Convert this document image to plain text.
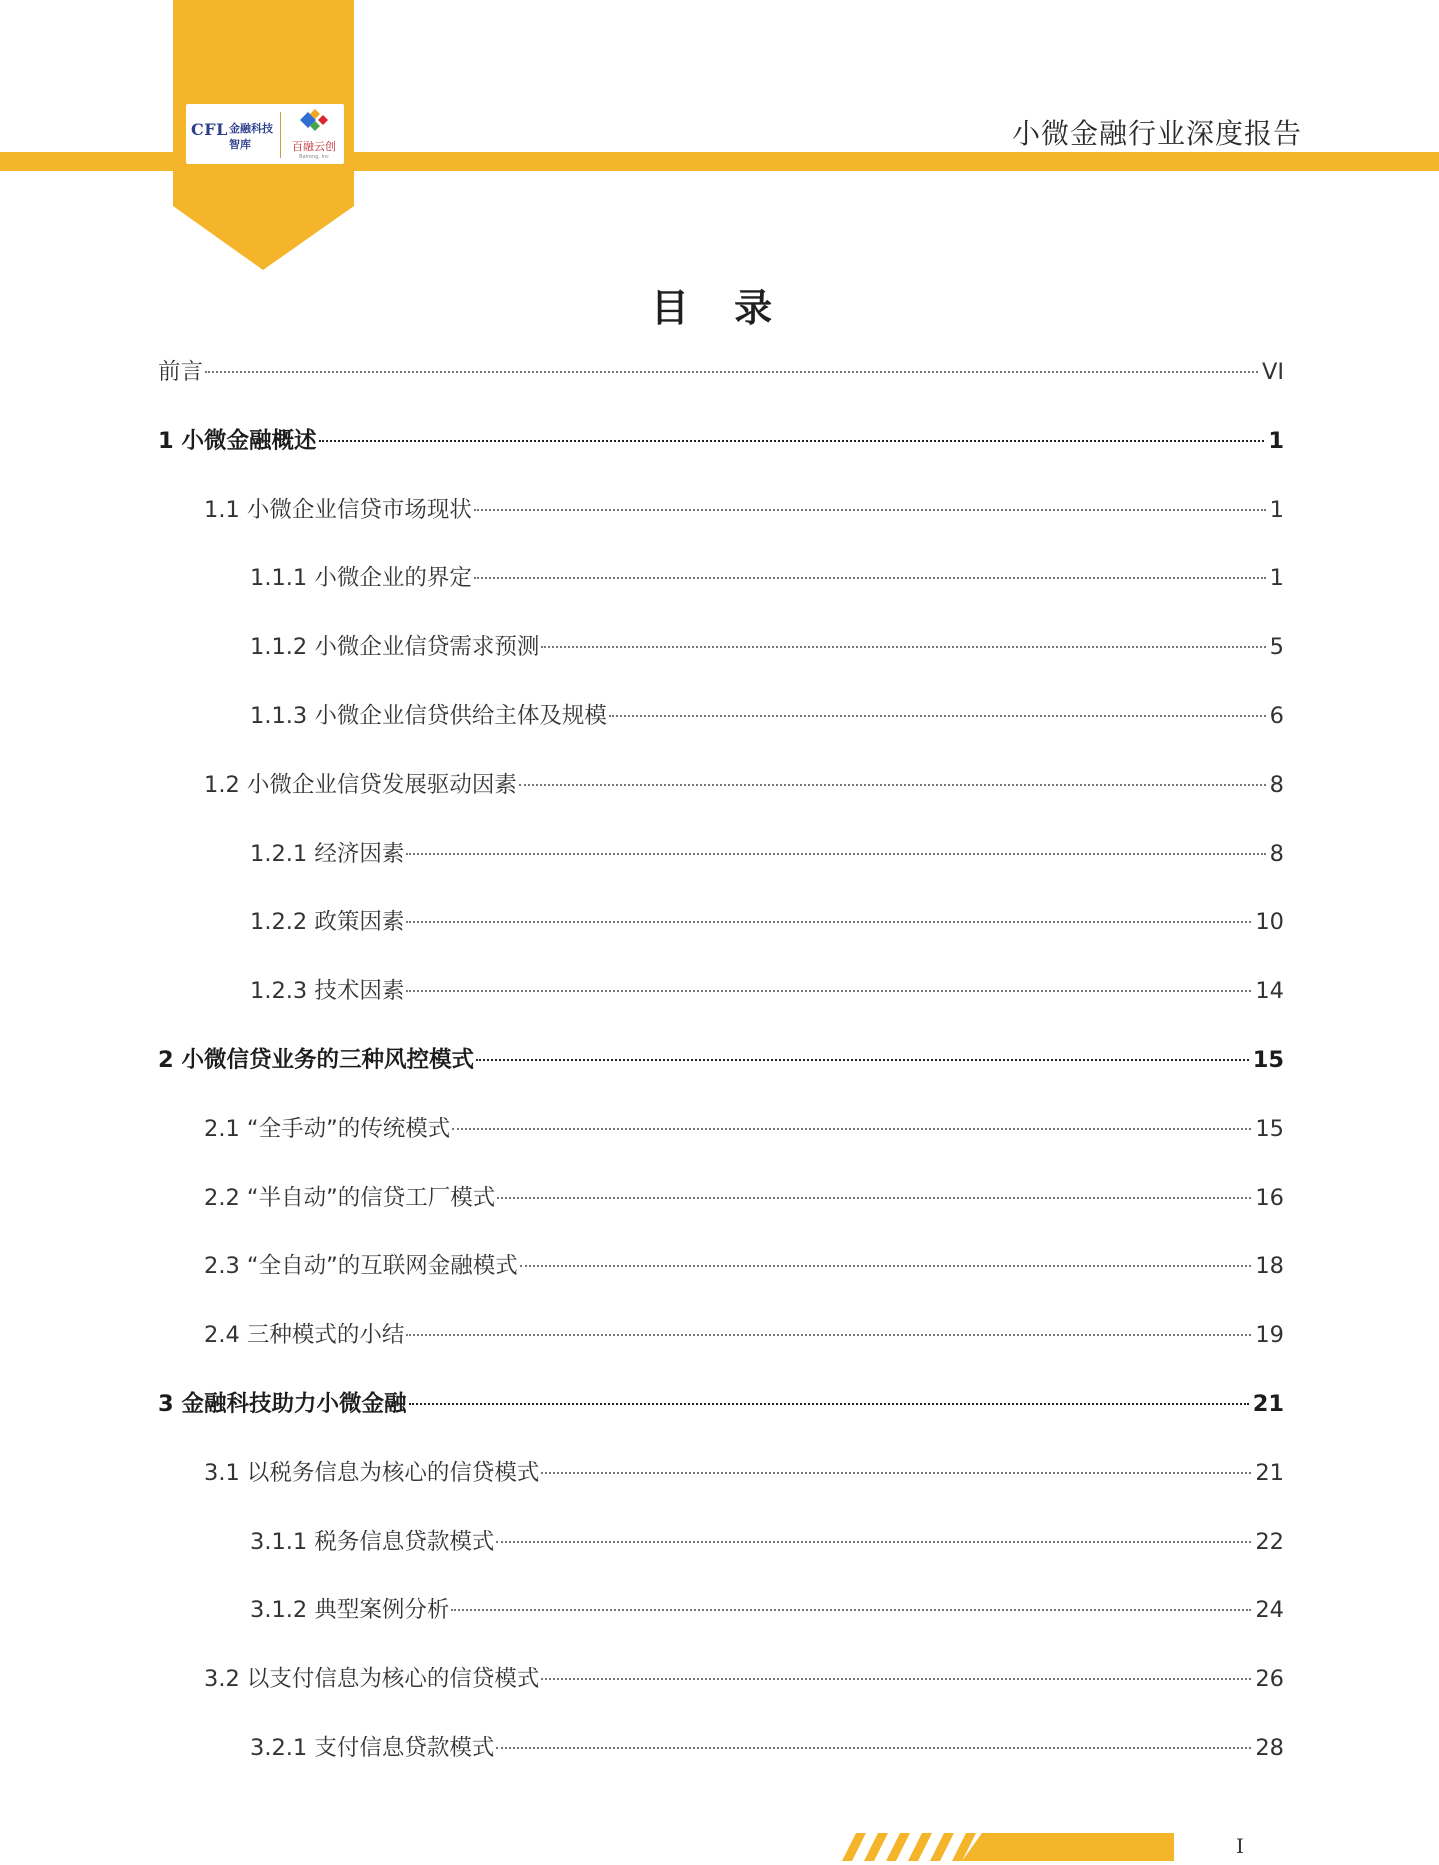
CFL 金融科技智库	百融云创
Bairong, Inc
小微金融行业深度报告
目 录
前言	VI
1 小微金融概述	1
1.1 小微企业信贷市场现状	1
1.1.1 小微企业的界定	1
1.1.2 小微企业信贷需求预测	5
1.1.3 小微企业信贷供给主体及规模	6
1.2 小微企业信贷发展驱动因素	8
1.2.1 经济因素	8
1.2.2 政策因素	10
1.2.3 技术因素	14
2 小微信贷业务的三种风控模式	15
2.1 “全手动”的传统模式	15
2.2 “半自动”的信贷工厂模式	16
2.3 “全自动”的互联网金融模式	18
2.4 三种模式的小结	19
3 金融科技助力小微金融	21
3.1 以税务信息为核心的信贷模式	21
3.1.1 税务信息贷款模式	22
3.1.2 典型案例分析	24
3.2 以支付信息为核心的信贷模式	26
3.2.1 支付信息贷款模式	28
I
